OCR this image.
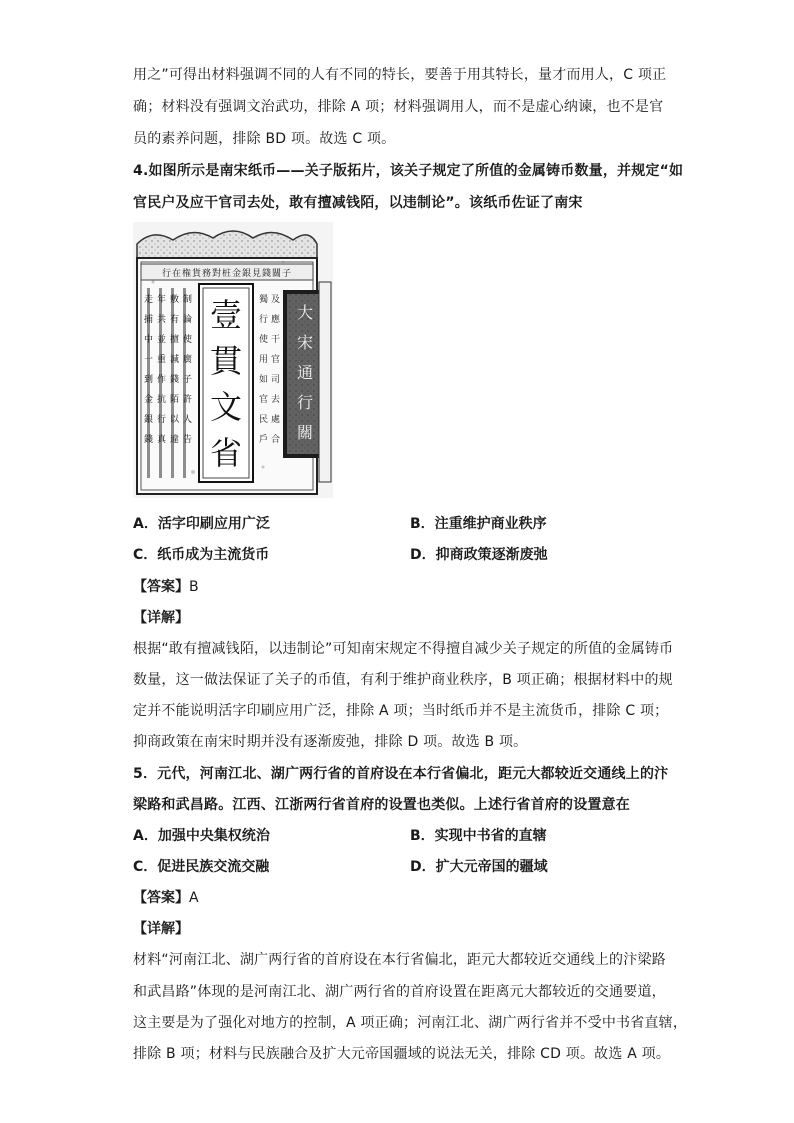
用之”可得出材料强调不同的人有不同的特长，要善于用其特长，量才而用人，C 项正
确；材料没有强调文治武功，排除 A 项；材料强调用人，而不是虚心纳谏，也不是官
员的素养问题，排除 BD 项。故选 C 项。
4.如图所示是南宋纸币——关子版拓片，该关子规定了所值的金属铸币数量，并规定“如
官民户及应干官司去处，敢有擅减钱陌，以违制论”。该纸币佐证了南宋
行在権貨務對桩金銀見錢關子
走
捕
中
一
到
金
銀
錢
年
共
並
重
作
抗
行
真
敷
有
擅
減
錢
陌
以
違
制
論
使
廣
子
許
人
告
壹
貫
文
省
獨
行
使
用
如
官
民
戶
及
應
干
官
司
去
處
合
大
宋
通
行
關
A．活字印刷应用广泛	B．注重维护商业秩序
C．纸币成为主流货币	D．抑商政策逐渐废弛
【答案】B
【详解】
根据“敢有擅减钱陌，以违制论”可知南宋规定不得擅自减少关子规定的所值的金属铸币
数量，这一做法保证了关子的币值，有利于维护商业秩序，B 项正确；根据材料中的规
定并不能说明活字印刷应用广泛，排除 A 项；当时纸币并不是主流货币，排除 C 项；
抑商政策在南宋时期并没有逐渐废弛，排除 D 项。故选 B 项。
5．元代，河南江北、湖广两行省的首府设在本行省偏北，距元大都较近交通线上的汴
梁路和武昌路。江西、江浙两行省首府的设置也类似。上述行省首府的设置意在
A．加强中央集权统治	B．实现中书省的直辖
C．促进民族交流交融	D．扩大元帝国的疆域
【答案】A
【详解】
材料“河南江北、湖广两行省的首府设在本行省偏北，距元大都较近交通线上的汴梁路
和武昌路”体现的是河南江北、湖广两行省的首府设置在距离元大都较近的交通要道，
这主要是为了强化对地方的控制，A 项正确；河南江北、湖广两行省并不受中书省直辖，
排除 B 项；材料与民族融合及扩大元帝国疆域的说法无关，排除 CD 项。故选 A 项。
